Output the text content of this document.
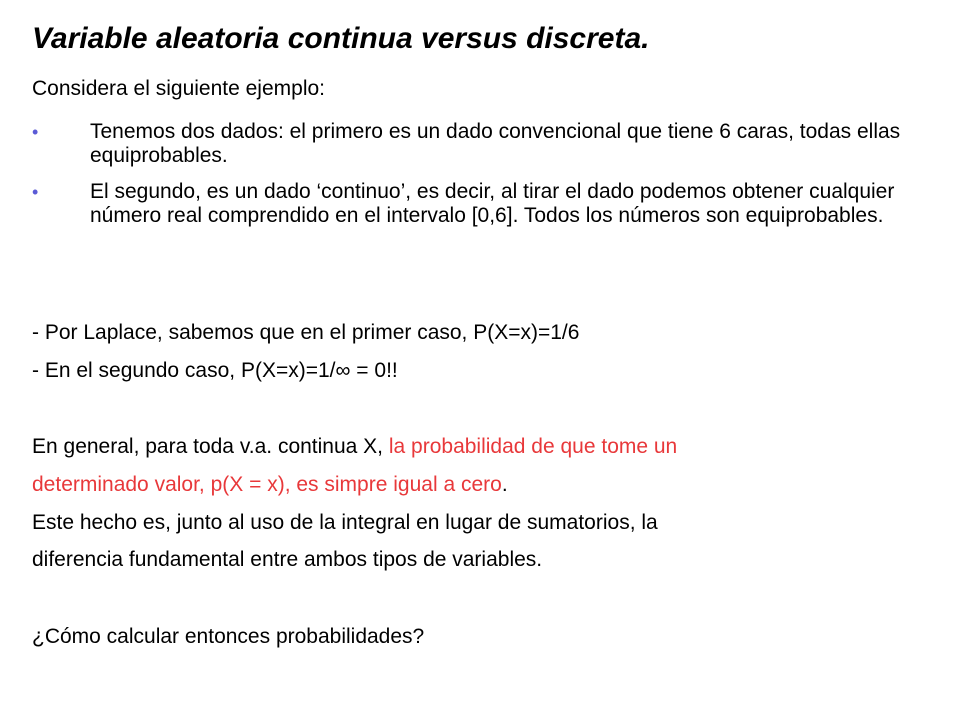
Variable aleatoria continua versus discreta.

Considera el siguiente ejemplo:

• Tenemos dos dados: el primero es un dado convencional que tiene 6 caras, todas ellas equiprobables.
• El segundo, es un dado ‘continuo’, es decir, al tirar el dado podemos obtener cualquier número real comprendido en el intervalo [0,6]. Todos los números son equiprobables.

- Por Laplace, sabemos que en el primer caso, P(X=x)=1/6

- En el segundo caso, P(X=x)=1/∞ = 0!!

En general, para toda v.a. continua X, la probabilidad de que tome un

determinado valor, p(X = x), es simpre igual a cero.

Este hecho es, junto al uso de la integral en lugar de sumatorios, la

diferencia fundamental entre ambos tipos de variables.

¿Cómo calcular entonces probabilidades?
